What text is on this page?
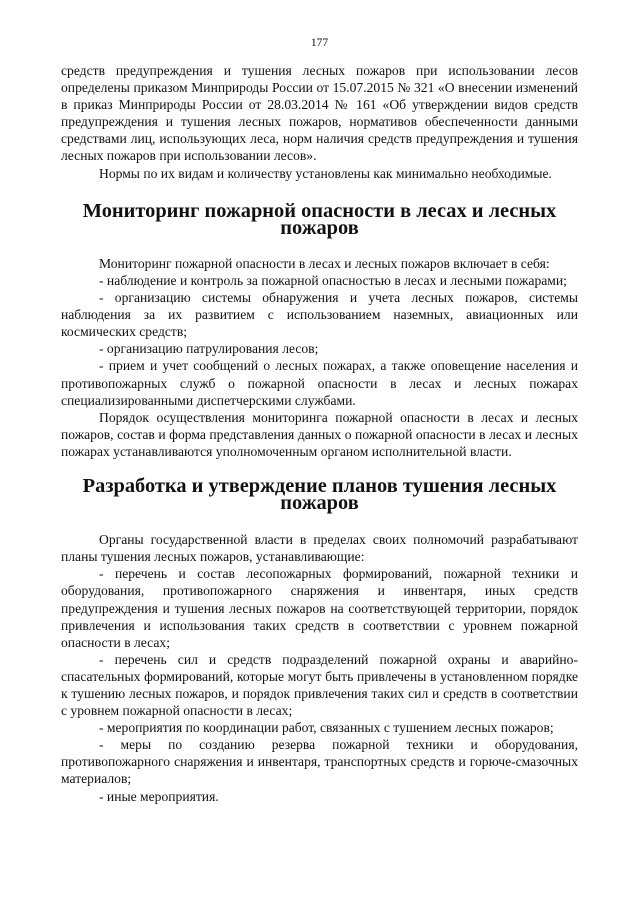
177

средств предупреждения и тушения лесных пожаров при использовании лесов определены приказом Минприроды России от 15.07.2015 № 321 «О внесении изменений в приказ Минприроды России от 28.03.2014 № 161 «Об утверждении видов средств предупреждения и тушения лесных пожаров, нормативов обеспеченности данными средствами лиц, использующих леса, норм наличия средств предупреждения и тушения лесных пожаров при использовании лесов».

Нормы по их видам и количеству установлены как минимально необходимые.

Мониторинг пожарной опасности в лесах и лесных пожаров

Мониторинг пожарной опасности в лесах и лесных пожаров включает в себя:

- наблюдение и контроль за пожарной опасностью в лесах и лесными пожарами;

- организацию системы обнаружения и учета лесных пожаров, системы наблюдения за их развитием с использованием наземных, авиационных или космических средств;

- организацию патрулирования лесов;

- прием и учет сообщений о лесных пожарах, а также оповещение населения и противопожарных служб о пожарной опасности в лесах и лесных пожарах специализированными диспетчерскими службами.

Порядок осуществления мониторинга пожарной опасности в лесах и лесных пожаров, состав и форма представления данных о пожарной опасности в лесах и лесных пожарах устанавливаются уполномоченным органом исполнительной власти.

Разработка и утверждение планов тушения лесных пожаров

Органы государственной власти в пределах своих полномочий разрабатывают планы тушения лесных пожаров, устанавливающие:

- перечень и состав лесопожарных формирований, пожарной техники и оборудования, противопожарного снаряжения и инвентаря, иных средств предупреждения и тушения лесных пожаров на соответствующей территории, порядок привлечения и использования таких средств в соответствии с уровнем пожарной опасности в лесах;

- перечень сил и средств подразделений пожарной охраны и аварийно-спасательных формирований, которые могут быть привлечены в установленном порядке к тушению лесных пожаров, и порядок привлечения таких сил и средств в соответствии с уровнем пожарной опасности в лесах;

- мероприятия по координации работ, связанных с тушением лесных пожаров;

- меры по созданию резерва пожарной техники и оборудования, противопожарного снаряжения и инвентаря, транспортных средств и горюче-смазочных материалов;

- иные мероприятия.
